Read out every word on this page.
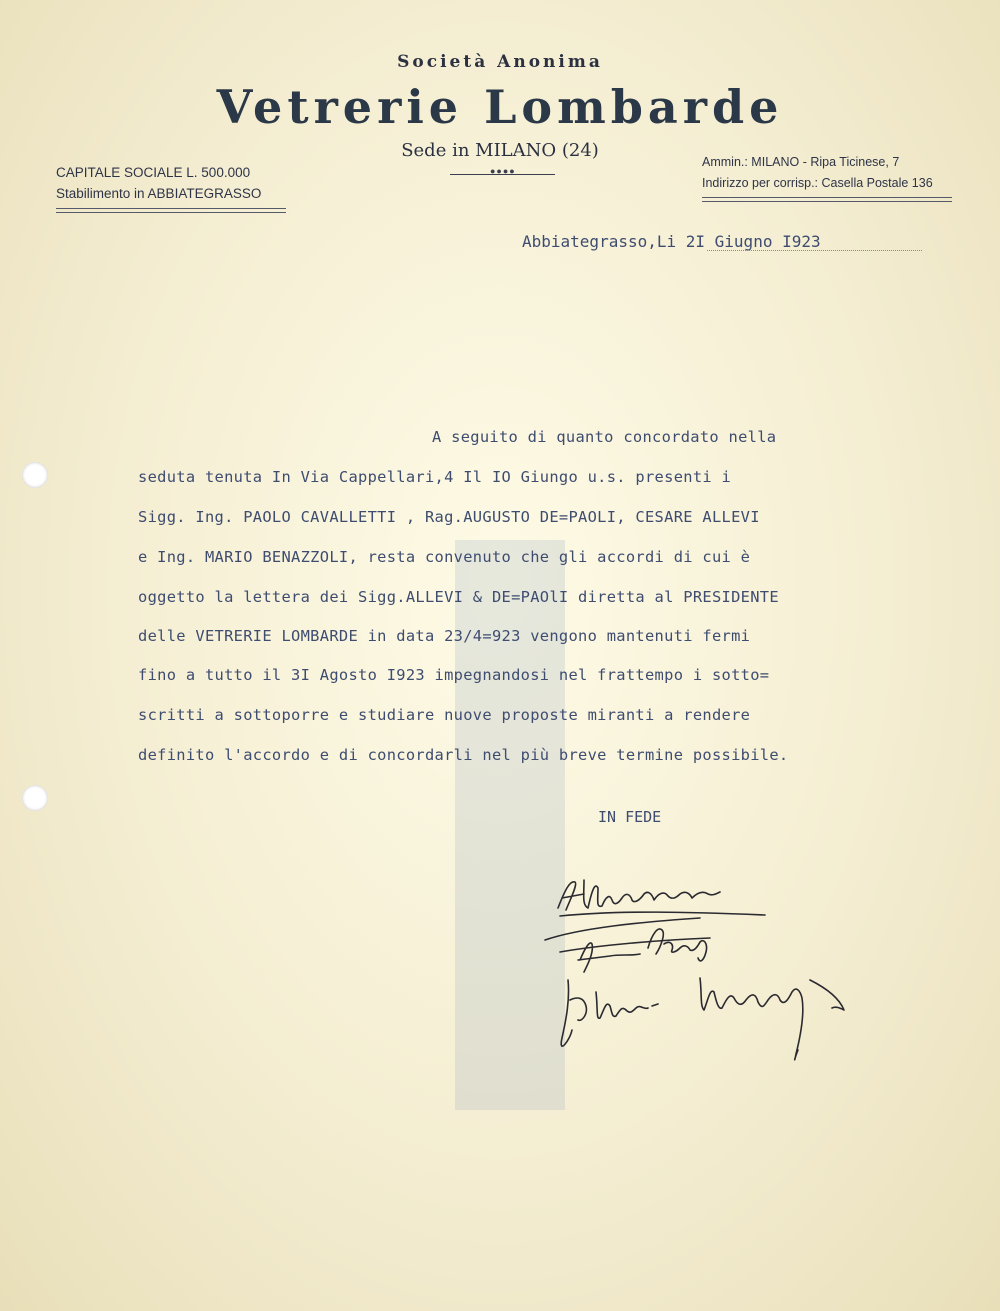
Società Anonima
Vetrerie Lombarde
Sede in MILANO (24)
●●●●
CAPITALE SOCIALE L. 500.000
Stabilimento in ABBIATEGRASSO
Ammin.: MILANO - Ripa Ticinese, 7
Indirizzo per corrisp.: Casella Postale 136
Abbiategrasso,Li 2I Giugno I923
A seguito di quanto concordato nella
seduta tenuta In Via Cappellari,4 Il IO Giungo u.s. presenti i
Sigg. Ing. PAOLO CAVALLETTI , Rag.AUGUSTO DE=PAOLI, CESARE ALLEVI
e Ing. MARIO BENAZZOLI, resta convenuto che gli accordi di cui è
oggetto la lettera dei Sigg.ALLEVI & DE=PAOlI diretta al PRESIDENTE
delle VETRERIE LOMBARDE in data 23/4=923 vengono mantenuti fermi
fino a tutto il 3I Agosto I923 impegnandosi nel frattempo i sotto=
scritti a sottoporre e studiare nuove proposte miranti a rendere
definito l'accordo e di concordarli nel più breve termine possibile.
IN FEDE
